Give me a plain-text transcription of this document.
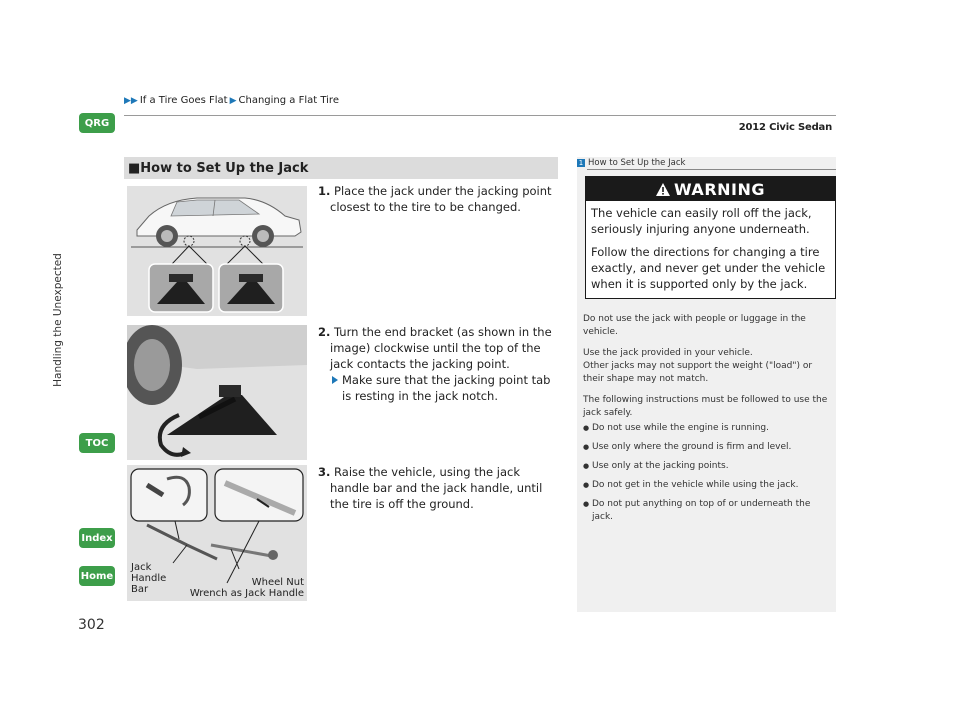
▶▶ If a Tire Goes Flat ▶ Changing a Flat Tire
2012 Civic Sedan
QRG
Handling the Unexpected
TOC
Index
Home
302
■ How to Set Up the Jack
Jack
Handle
Bar
Wheel Nut
Wrench as Jack Handle
1. Place the jack under the jacking point closest to the tire to be changed.
2. Turn the end bracket (as shown in the image) clockwise until the top of the jack contacts the jacking point.
Make sure that the jacking point tab is resting in the jack notch.
3. Raise the vehicle, using the jack handle bar and the jack handle, until the tire is off the ground.
1 How to Set Up the Jack
WARNING

The vehicle can easily roll off the jack, seriously injuring anyone underneath.

Follow the directions for changing a tire exactly, and never get under the vehicle when it is supported only by the jack.

Do not use the jack with people or luggage in the vehicle.

Use the jack provided in your vehicle.
Other jacks may not support the weight ("load") or their shape may not match.

The following instructions must be followed to use the jack safely.

● Do not use while the engine is running.
● Use only where the ground is firm and level.
● Use only at the jacking points.
● Do not get in the vehicle while using the jack.
● Do not put anything on top of or underneath the jack.
